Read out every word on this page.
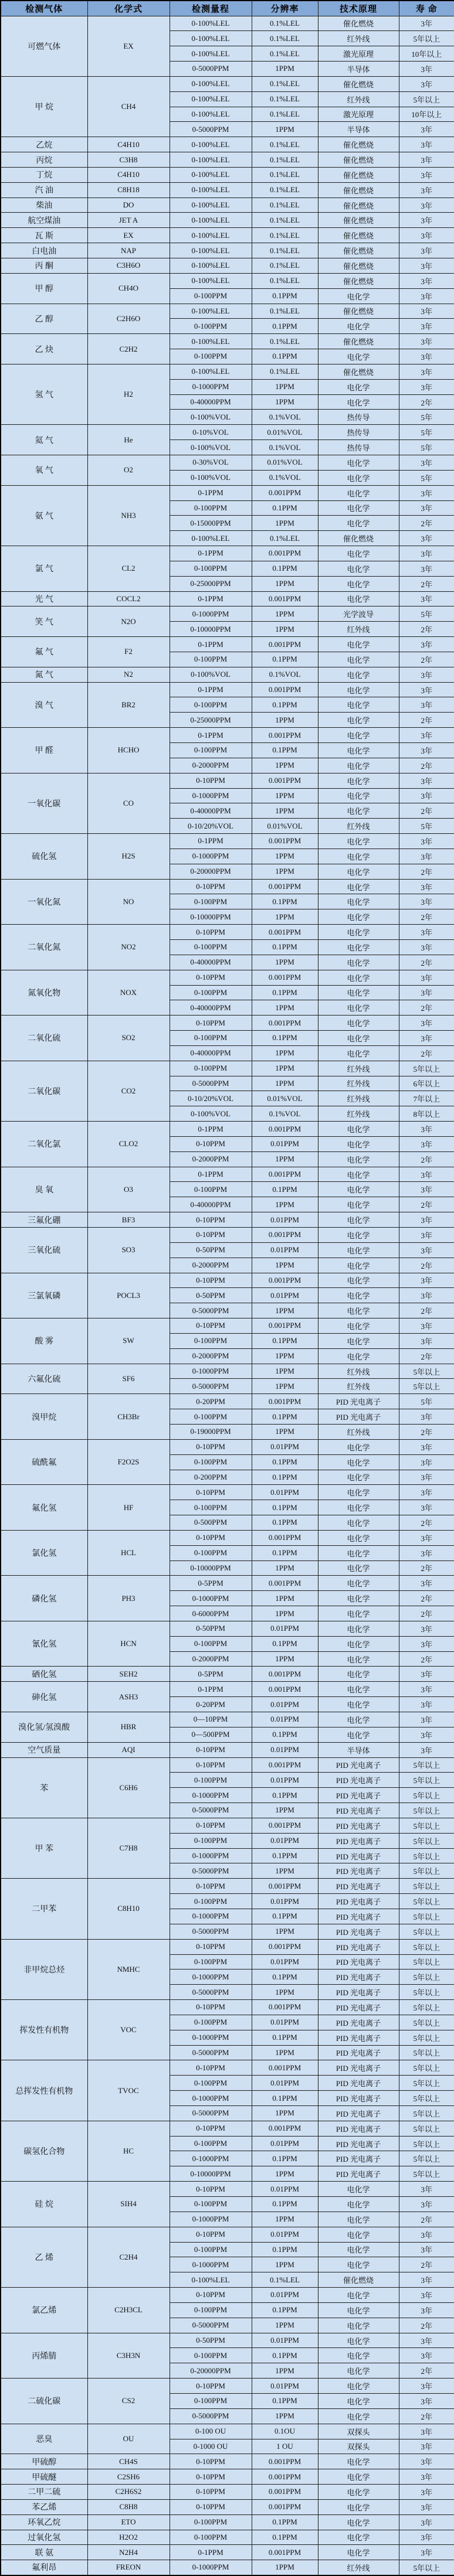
检测气体	化学式	检测量程	分辨率	技术原理	寿 命
可燃气体	EX	0-100%LEL	0.1%LEL	催化燃烧	3年
		0-100%LEL	0.1%LEL	红外线	5年以上
		0-100%LEL	0.1%LEL	激光原理	10年以上
		0-5000PPM	1PPM	半导体	3年
甲 烷	CH4	0-100%LEL	0.1%LEL	催化燃烧	3年
		0-100%LEL	0.1%LEL	红外线	5年以上
		0-100%LEL	0.1%LEL	激光原理	10年以上
		0-5000PPM	1PPM	半导体	3年
乙烷	C4H10	0-100%LEL	0.1%LEL	催化燃烧	3年
丙烷	C3H8	0-100%LEL	0.1%LEL	催化燃烧	3年
丁烷	C4H10	0-100%LEL	0.1%LEL	催化燃烧	3年
汽 油	C8H18	0-100%LEL	0.1%LEL	催化燃烧	3年
柴油	DO	0-100%LEL	0.1%LEL	催化燃烧	3年
航空煤油	JET A	0-100%LEL	0.1%LEL	催化燃烧	3年
瓦 斯	EX	0-100%LEL	0.1%LEL	催化燃烧	3年
白电油	NAP	0-100%LEL	0.1%LEL	催化燃烧	3年
丙 酮	C3H6O	0-100%LEL	0.1%LEL	催化燃烧	3年
甲 醇	CH4O	0-100%LEL	0.1%LEL	催化燃烧	3年
		0-100PPM	0.1PPM	电化学	3年
乙 醇	C2H6O	0-100%LEL	0.1%LEL	催化燃烧	3年
		0-100PPM	0.1PPM	电化学	3年
乙 炔	C2H2	0-100%LEL	0.1%LEL	催化燃烧	3年
		0-100PPM	0.1PPM	电化学	3年
氢 气	H2	0-100%LEL	0.1%LEL	催化燃烧	3年
		0-1000PPM	1PPM	电化学	3年
		0-40000PPM	1PPM	电化学	2年
		0-100%VOL	0.1%VOL	热传导	5年
氦 气	He	0-10%VOL	0.01%VOL	热传导	5年
		0-100%VOL	0.1%VOL	热传导	5年
氧 气	O2	0-30%VOL	0.01%VOL	电化学	3年
		0-100%VOL	0.1%VOL	电化学	5年
氨 气	NH3	0-1PPM	0.001PPM	电化学	3年
		0-100PPM	0.1PPM	电化学	3年
		0-15000PPM	1PPM	电化学	2年
		0-100%LEL	0.1%LEL	催化燃烧	3年
氯 气	CL2	0-1PPM	0.001PPM	电化学	3年
		0-100PPM	0.1PPM	电化学	3年
		0-25000PPM	1PPM	电化学	2年
光 气	COCL2	0-1PPM	0.001PPM	电化学	3年
笑 气	N2O	0-1000PPM	1PPM	光学波导	5年
		0-10000PPM	1PPM	红外线	2年
氟 气	F2	0-1PPM	0.001PPM	电化学	3年
		0-100PPM	0.1PPM	电化学	2年
氮 气	N2	0-100%VOL	0.1%VOL	电化学	3年
溴 气	BR2	0-1PPM	0.001PPM	电化学	3年
		0-100PPM	0.1PPM	电化学	3年
		0-25000PPM	1PPM	电化学	2年
甲 醛	HCHO	0-1PPM	0.001PPM	电化学	3年
		0-100PPM	0.1PPM	电化学	3年
		0-2000PPM	1PPM	电化学	2年
一氧化碳	CO	0-10PPM	0.001PPM	电化学	3年
		0-1000PPM	1PPM	电化学	3年
		0-40000PPM	1PPM	电化学	2年
		0-10/20%VOL	0.01%VOL	红外线	5年
硫化氢	H2S	0-1PPM	0.001PPM	电化学	3年
		0-1000PPM	1PPM	电化学	3年
		0-20000PPM	1PPM	电化学	2年
一氧化氮	NO	0-10PPM	0.001PPM	电化学	3年
		0-100PPM	0.1PPM	电化学	3年
		0-10000PPM	1PPM	电化学	2年
二氧化氮	NO2	0-10PPM	0.001PPM	电化学	3年
		0-100PPM	0.1PPM	电化学	3年
		0-40000PPM	1PPM	电化学	2年
氮氧化物	NOX	0-10PPM	0.001PPM	电化学	3年
		0-100PPM	0.1PPM	电化学	3年
		0-40000PPM	1PPM	电化学	2年
二氧化硫	SO2	0-10PPM	0.001PPM	电化学	3年
		0-100PPM	0.1PPM	电化学	3年
		0-40000PPM	1PPM	电化学	2年
二氧化碳	CO2	0-100PPM	1PPM	红外线	5年以上
		0-5000PPM	1PPM	红外线	6年以上
		0-10/20%VOL	0.01%VOL	红外线	7年以上
		0-100%VOL	0.1%VOL	红外线	8年以上
二氧化氯	CLO2	0-1PPM	0.001PPM	电化学	3年
		0-10PPM	0.01PPM	电化学	3年
		0-2000PPM	1PPM	电化学	2年
臭 氧	O3	0-1PPM	0.001PPM	电化学	3年
		0-100PPM	0.1PPM	电化学	3年
		0-40000PPM	1PPM	电化学	2年
三氟化硼	BF3	0-10PPM	0.01PPM	电化学	3年
三氧化硫	SO3	0-10PPM	0.001PPM	电化学	3年
		0-50PPM	0.01PPM	电化学	3年
		0-2000PPM	1PPM	电化学	2年
三氯氧磷	POCL3	0-10PPM	0.001PPM	电化学	3年
		0-50PPM	0.01PPM	电化学	3年
		0-5000PPM	1PPM	电化学	2年
酸 雾	SW	0-10PPM	0.001PPM	电化学	3年
		0-100PPM	0.1PPM	电化学	3年
		0-2000PPM	1PPM	电化学	2年
六氟化硫	SF6	0-1000PPM	1PPM	红外线	5年以上
		0-5000PPM	1PPM	红外线	5年以上
溴甲烷	CH3Br	0-20PPM	0.001PPM	PID 光电离子	5年
		0-100PPM	0.1PPM	PID 光电离子	3年
		0-19000PPM	1PPM	红外线	2年
硫酰氟	F2O2S	0-10PPM	0.01PPM	电化学	3年
		0-100PPM	0.1PPM	电化学	3年
		0-200PPM	0.1PPM	电化学	3年
氟化氢	HF	0-10PPM	0.01PPM	电化学	3年
		0-100PPM	0.1PPM	电化学	3年
		0-500PPM	0.1PPM	电化学	2年
氯化氢	HCL	0-10PPM	0.001PPM	电化学	3年
		0-100PPM	0.1PPM	电化学	3年
		0-10000PPM	1PPM	电化学	2年
磷化氢	PH3	0-5PPM	0.001PPM	电化学	3年
		0-1000PPM	1PPM	电化学	2年
		0-6000PPM	1PPM	电化学	2年
氰化氢	HCN	0-50PPM	0.01PPM	电化学	3年
		0-100PPM	0.1PPM	电化学	3年
		0-2000PPM	1PPM	电化学	2年
硒化氢	SEH2	0-5PPM	0.001PPM	电化学	3年
砷化氢	ASH3	0-1PPM	0.001PPM	电化学	3年
		0-20PPM	0.01PPM	电化学	3年
溴化氢/氢溴酸	HBR	0—10PPM	0.01PPM	电化学	3年
		0—500PPM	0.1PPM	电化学	3年
空气质量	AQI	0-10PPM	0.01PPM	半导体	3年
苯	C6H6	0-10PPM	0.001PPM	PID 光电离子	5年以上
		0-100PPM	0.01PPM	PID 光电离子	5年以上
		0-1000PPM	0.1PPM	PID 光电离子	5年以上
		0-5000PPM	1PPM	PID 光电离子	5年以上
甲 苯	C7H8	0-10PPM	0.001PPM	PID 光电离子	5年以上
		0-100PPM	0.01PPM	PID 光电离子	5年以上
		0-1000PPM	0.1PPM	PID 光电离子	5年以上
		0-5000PPM	1PPM	PID 光电离子	5年以上
二甲苯	C8H10	0-10PPM	0.001PPM	PID 光电离子	5年以上
		0-100PPM	0.01PPM	PID 光电离子	5年以上
		0-1000PPM	0.1PPM	PID 光电离子	5年以上
		0-5000PPM	1PPM	PID 光电离子	5年以上
非甲烷总烃	NMHC	0-10PPM	0.001PPM	PID 光电离子	5年以上
		0-100PPM	0.01PPM	PID 光电离子	5年以上
		0-1000PPM	0.1PPM	PID 光电离子	5年以上
		0-5000PPM	1PPM	PID 光电离子	5年以上
挥发性有机物	VOC	0-10PPM	0.001PPM	PID 光电离子	5年以上
		0-100PPM	0.01PPM	PID 光电离子	5年以上
		0-1000PPM	0.1PPM	PID 光电离子	5年以上
		0-5000PPM	1PPM	PID 光电离子	5年以上
总挥发性有机物	TVOC	0-10PPM	0.001PPM	PID 光电离子	5年以上
		0-100PPM	0.01PPM	PID 光电离子	5年以上
		0-1000PPM	0.1PPM	PID 光电离子	5年以上
		0-5000PPM	1PPM	PID 光电离子	5年以上
碳氢化合物	HC	0-10PPM	0.001PPM	PID 光电离子	5年以上
		0-100PPM	0.01PPM	PID 光电离子	5年以上
		0-1000PPM	0.1PPM	PID 光电离子	5年以上
		0-10000PPM	1PPM	PID 光电离子	5年以上
硅 烷	SIH4	0-10PPM	0.01PPM	电化学	3年
		0-100PPM	0.1PPM	电化学	3年
		0-1000PPM	1PPM	电化学	2年
乙 烯	C2H4	0-10PPM	0.01PPM	电化学	3年
		0-100PPM	0.1PPM	电化学	3年
		0-1000PPM	1PPM	电化学	2年
		0-100%LEL	0.1%LEL	催化燃烧	3年
氯乙烯	C2H3CL	0-10PPM	0.01PPM	电化学	3年
		0-100PPM	0.1PPM	电化学	3年
		0-5000PPM	1PPM	电化学	2年
丙烯腈	C3H3N	0-50PPM	0.01PPM	电化学	3年
		0-100PPM	0.1PPM	电化学	3年
		0-20000PPM	1PPM	电化学	2年
二硫化碳	CS2	0-10PPM	0.01PPM	电化学	3年
		0-100PPM	0.1PPM	电化学	3年
		0-5000PPM	1PPM	电化学	2年
恶臭	OU	0-100 OU	0.1OU	双探头	3年
		0-1000 OU	1 OU	双探头	3年
甲硫醇	CH4S	0-10PPM	0.001PPM	电化学	3年
甲硫醚	C2SH6	0-10PPM	0.001PPM	电化学	3年
二甲二硫	C2H6S2	0-10PPM	0.001PPM	电化学	3年
苯乙烯	C8H8	0-10PPM	0.001PPM	电化学	3年
环氧乙烷	ETO	0-100PPM	0.1PPM	电化学	3年
过氧化氢	H2O2	0-100PPM	0.1PPM	电化学	3年
联 氨	N2H4	0-1PPM	0.001PPM	电化学	3年
氟利昂	FREON	0-1000PPM	1PPM	红外线	5年以上
